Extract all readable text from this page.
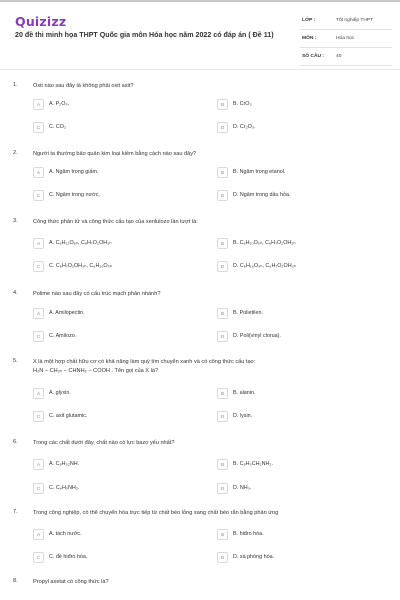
Quizizz
20 đề thi minh họa THPT Quốc gia môn Hóa học năm 2022 có đáp án ( Đề 11)
LỚP :	Tốt nghiệp THPT
MÔN :	Hóa học
SỐ CÂU : 40
1.	Oxit nào sau đây là không phải oxit axit?
A	A. P₂O₅.	B	B. CrO₃
C	C. CO₂	D	D. Cr₂O₃.
2.	Người ta thường bảo quản kim loại kiềm bằng cách nào sau đây?
A	A. Ngâm trong giấm.	B	B. Ngâm trong etanol.
C	C. Ngâm trong nước,	D	D. Ngâm trong dầu hỏa.
3.	Công thức phân tử và công thức cấu tạo của xenlulozo lần lượt là:
A	A. C₆H₁₂O₆ₙ, C₆H₇O₂OH₃ₙ	B	B. C₆H₁₀O₅ₙ, C₆H₇O₂OH₂ₙ
C	C. C₆H₇O₂OH₃ₙ, C₆H₁₀O₅ₙ	D	D. C₆H₁₀O₅ₙ, C₆H₇O₂OH₃ₙ
4.	Polime nào sau đây có cấu trúc mạch phân nhánh?
A	A. Amilopectin.	B	B. Polietilen.
C	C. Amilozo.	D	D. Poli(vinyl clorua).
5.	X là một hợp chất hữu cơ có khả năng làm quỳ tím chuyển xanh và có công thức cấu tạo:
H₂N − CH₂ₙ − CHNH₂ − COOH . Tên gọi của X là?
A	A. glyxin.	B	B. alanin.
C	C. axit glutamic.	D	D. lysin.
6.	Trong các chất dưới đây, chất nào có lực bazo yếu nhất?
A	A. C₆H₅₂NH.	B	B. C₆H₅CH₂NH₂.
C	C. C₆H₅NH₂.	D	D. NH₃.
7.	Trong công nghiệp, có thể chuyển hóa trực tiếp từ chất béo lỏng sang chất béo rắn bằng phản ứng
A	A. tách nước.	B	B. hiđro hóa.
C	C. đề hiđro hóa.	D	D. xà phòng hóa.
8.	Propyl axetat có công thức là?
